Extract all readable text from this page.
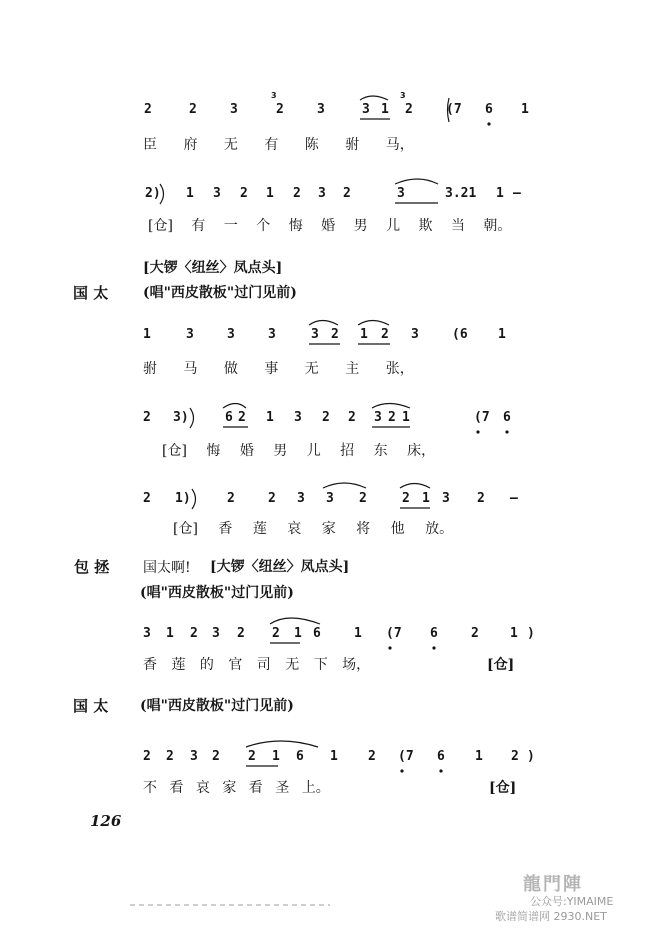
2	2	3
3
2	3	3 1
3
2	(7 6 1
臣 府 无 有 陈 驸 马，
2) 1 3 2 1 2 3 2	3	3.21 1 –
[仓] 有 一 个 悔 婚 男 儿 欺 当 朝。
[大锣〈纽丝〉凤点头]
国 太 (唱"西皮散板"过门见前)
1	3	3	3	3 2 1 2 3	(6 1
驸 马 做 事 无 主 张，
2 3)	6 2 1 3 2 2 3 2 1	(7 6
[仓] 悔 婚 男 儿 招 东 床，
2 1)	2	2 3 3 2	2 1 3 2 –
[仓] 香 莲 哀 家 将 他 放。
包 拯 国太啊! [大锣〈纽丝〉凤点头]
(唱"西皮散板"过门见前)
3 1 2 3 2 2 1 6	1 (7 6	2 1 )
香 莲 的 官 司 无 下 场，	[仓]
国 太 (唱"西皮散板"过门见前)
2 2 3 2 2 1 6 1 2 (7 6 1 2 )
不 看 哀 家 看 圣 上。	[仓]
126
龍門陣
公众号:YIMAIME
歌谱简谱网 2930.NET
